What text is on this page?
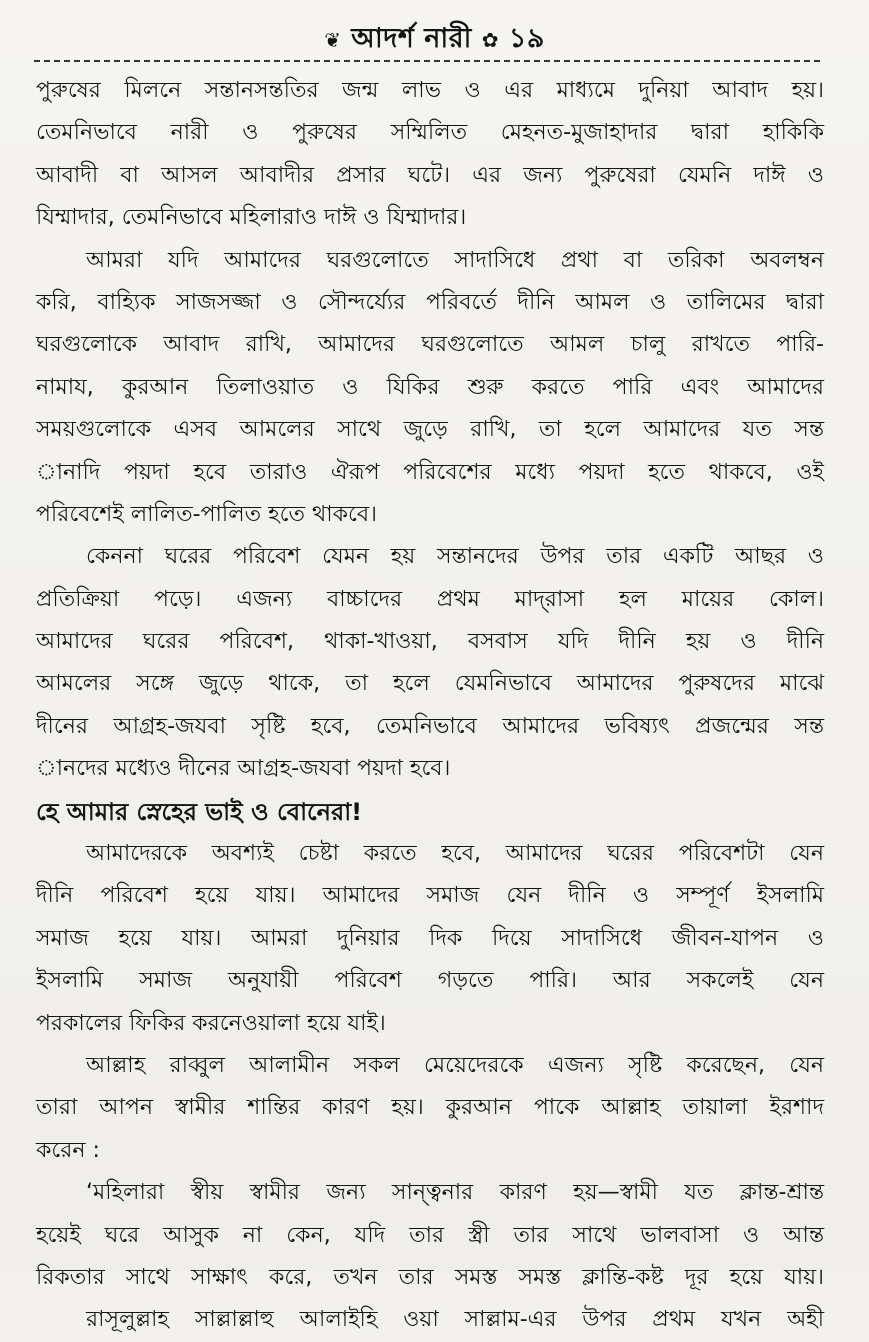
❦ আদর্শ নারী ✿ ১৯
পুরুষের মিলনে সন্তানসন্ততির জন্ম লাভ ও এর মাধ্যমে দুনিয়া আবাদ হয়।
তেমনিভাবে নারী ও পুরুষের সম্মিলিত মেহনত-মুজাহাদার দ্বারা হাকিকি
আবাদী বা আসল আবাদীর প্রসার ঘটে। এর জন্য পুরুষেরা যেমনি দাঈ ও
যিম্মাদার, তেমনিভাবে মহিলারাও দাঈ ও যিম্মাদার।
আমরা যদি আমাদের ঘরগুলোতে সাদাসিধে প্রথা বা তরিকা অবলম্বন
করি, বাহ্যিক সাজসজ্জা ও সৌন্দর্য্যের পরিবর্তে দীনি আমল ও তালিমের দ্বারা
ঘরগুলোকে আবাদ রাখি, আমাদের ঘরগুলোতে আমল চালু রাখতে পারি-
নামায, কুরআন তিলাওয়াত ও যিকির শুরু করতে পারি এবং আমাদের
সময়গুলোকে এসব আমলের সাথে জুড়ে রাখি, তা হলে আমাদের যত সন্ত
ানাদি পয়দা হবে তারাও ঐরূপ পরিবেশের মধ্যে পয়দা হতে থাকবে, ওই
পরিবেশেই লালিত-পালিত হতে থাকবে।
কেননা ঘরের পরিবেশ যেমন হয় সন্তানদের উপর তার একটি আছর ও
প্রতিক্রিয়া পড়ে। এজন্য বাচ্চাদের প্রথম মাদ্‌রাসা হল মায়ের কোল।
আমাদের ঘরের পরিবেশ, থাকা-খাওয়া, বসবাস যদি দীনি হয় ও দীনি
আমলের সঙ্গে জুড়ে থাকে, তা হলে যেমনিভাবে আমাদের পুরুষদের মাঝে
দীনের আগ্রহ-জযবা সৃষ্টি হবে, তেমনিভাবে আমাদের ভবিষ্যৎ প্রজন্মের সন্ত
ানদের মধ্যেও দীনের আগ্রহ-জযবা পয়দা হবে।
হে আমার স্নেহের ভাই ও বোনেরা!
আমাদেরকে অবশ্যই চেষ্টা করতে হবে, আমাদের ঘরের পরিবেশটা যেন
দীনি পরিবেশ হয়ে যায়। আমাদের সমাজ যেন দীনি ও সম্পূর্ণ ইসলামি
সমাজ হয়ে যায়। আমরা দুনিয়ার দিক দিয়ে সাদাসিধে জীবন-যাপন ও
ইসলামি সমাজ অনুযায়ী পরিবেশ গড়তে পারি। আর সকলেই যেন
পরকালের ফিকির করনেওয়ালা হয়ে যাই।
আল্লাহ রাব্বুল আলামীন সকল মেয়েদেরকে এজন্য সৃষ্টি করেছেন, যেন
তারা আপন স্বামীর শান্তির কারণ হয়। কুরআন পাকে আল্লাহ তায়ালা ইরশাদ
করেন :
‘মহিলারা স্বীয় স্বামীর জন্য সান্ত্বনার কারণ হয়—স্বামী যত ক্লান্ত-শ্রান্ত
হয়েই ঘরে আসুক না কেন, যদি তার স্ত্রী তার সাথে ভালবাসা ও আন্ত
রিকতার সাথে সাক্ষাৎ করে, তখন তার সমস্ত সমস্ত ক্লান্তি-কষ্ট দূর হয়ে যায়।
রাসূলুল্লাহ সাল্লাল্লাহু আলাইহি ওয়া সাল্লাম-এর উপর প্রথম যখন অহী
